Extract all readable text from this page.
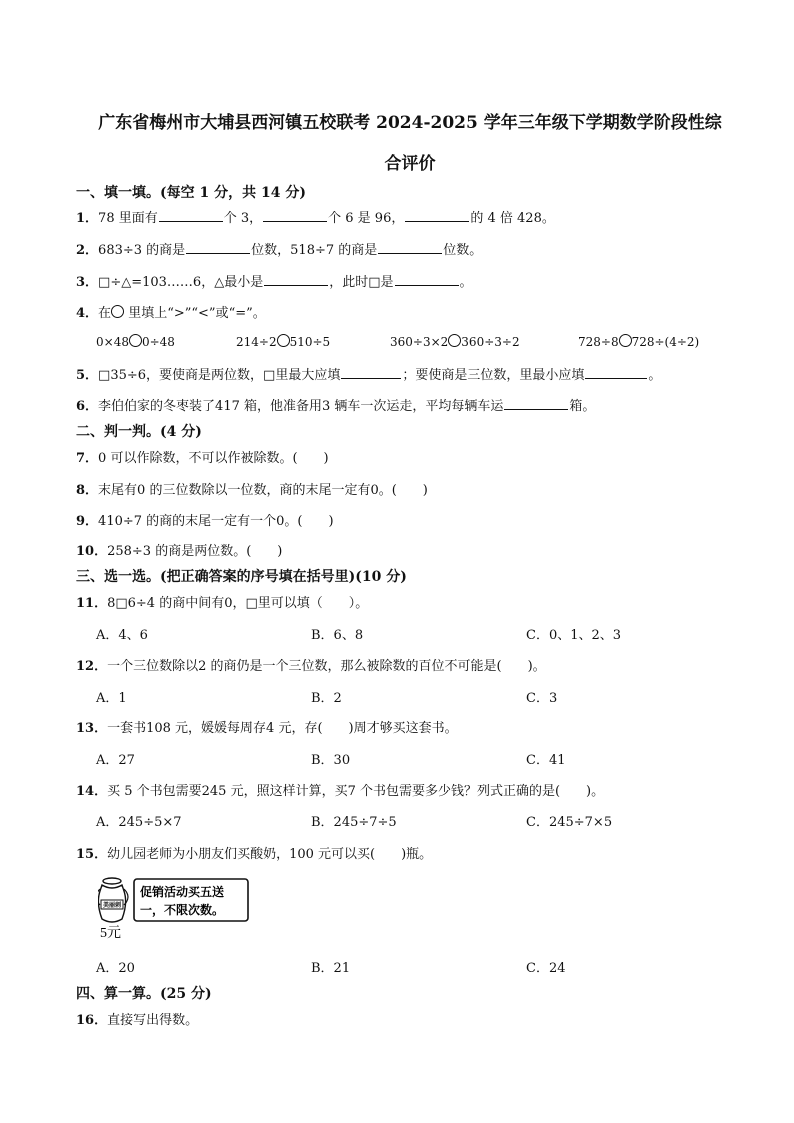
广东省梅州市大埔县西河镇五校联考 2024-2025 学年三年级下学期数学阶段性综
合评价
一、填一填。(每空 1 分，共 14 分)
1．78 里面有	个 3，	个 6 是 96，	的 4 倍 428。
2．683÷3 的商是	位数，518÷7 的商是	位数。
3．□÷△=103……6，△最小是	，此时□是	。
4．在 里填上“>”“<”或“=”。
0×48 0÷48	214÷2 510÷5	360÷3×2 360÷3÷2	728÷8 728÷(4÷2)
5．□35÷6，要使商是两位数，□里最大应填	；要使商是三位数，里最小应填	。
6．李伯伯家的冬枣装了417 箱，他准备用3 辆车一次运走，平均每辆车运	箱。
二、判一判。(4 分)
7．0 可以作除数，不可以作被除数。(　　)
8．末尾有0 的三位数除以一位数，商的末尾一定有0。(　　)
9．410÷7 的商的末尾一定有一个0。(　　)
10．258÷3 的商是两位数。(　　)
三、选一选。(把正确答案的序号填在括号里)(10 分)
11．8□6÷4 的商中间有0，□里可以填（　　）。
A．4、6	B．6、8	C．0、1、2、3
12．一个三位数除以2 的商仍是一个三位数，那么被除数的百位不可能是(　　)。
A．1	B．2	C．3
13．一套书108 元，媛媛每周存4 元，存(　　)周才够买这套书。
A．27	B．30	C．41
14．买 5 个书包需要245 元，照这样计算，买7 个书包需要多少钱？列式正确的是(　　)。
A．245÷5×7	B．245÷7÷5	C．245÷7×5
15．幼儿园老师为小朋友们买酸奶，100 元可以买(　　)瓶。
美丽刺
5元
促销活动买五送
一，不限次数。
A．20	B．21	C．24
四、算一算。(25 分)
16．直接写出得数。
